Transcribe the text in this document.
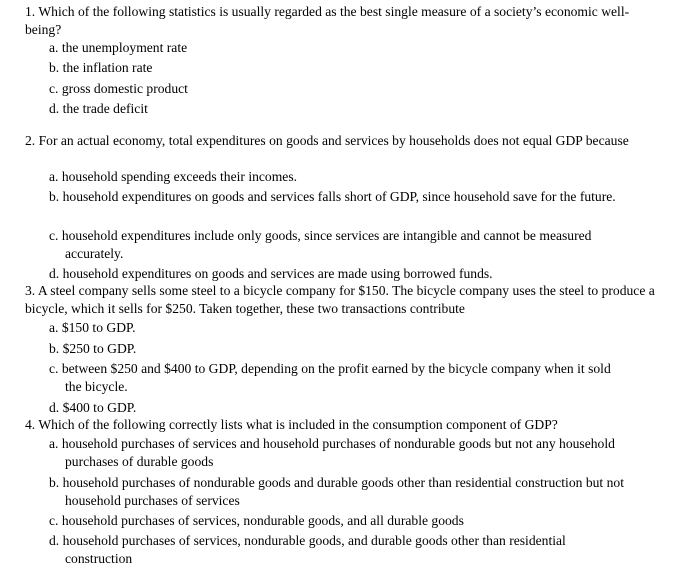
1. Which of the following statistics is usually regarded as the best single measure of a society’s economic well-being?
a. the unemployment rate
b. the inflation rate
c. gross domestic product
d. the trade deficit
2. For an actual economy, total expenditures on goods and services by households does not equal GDP because
a. household spending exceeds their incomes.
b. household expenditures on goods and services falls short of GDP, since household save for the future.
c. household expenditures include only goods, since services are intangible and cannot be measured accurately.
d. household expenditures on goods and services are made using borrowed funds.
3. A steel company sells some steel to a bicycle company for $150. The bicycle company uses the steel to produce a bicycle, which it sells for $250. Taken together, these two transactions contribute
a. $150 to GDP.
b. $250 to GDP.
c. between $250 and $400 to GDP, depending on the profit earned by the bicycle company when it sold the bicycle.
d. $400 to GDP.
4. Which of the following correctly lists what is included in the consumption component of GDP?
a. household purchases of services and household purchases of nondurable goods but not any household purchases of durable goods
b. household purchases of nondurable goods and durable goods other than residential construction but not household purchases of services
c. household purchases of services, nondurable goods, and all durable goods
d. household purchases of services, nondurable goods, and durable goods other than residential construction
